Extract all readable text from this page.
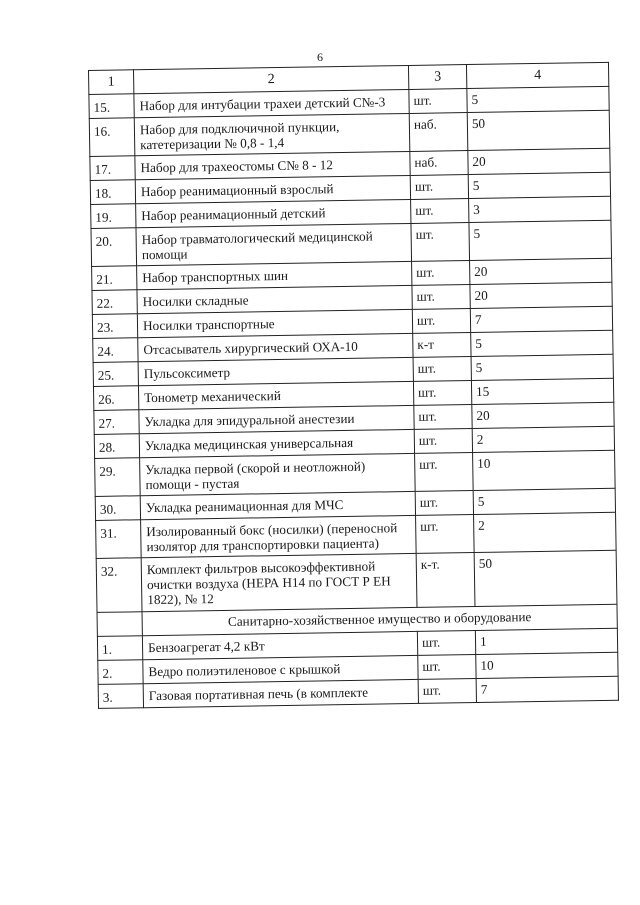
6
1	2	3	4
15.	Набор для интубации трахеи детский С№-3	шт.	5
16.	Набор для подключичной пункции, катетеризации № 0,8 - 1,4	наб.	50
17.	Набор для трахеостомы С№ 8 - 12	наб.	20
18.	Набор реанимационный взрослый	шт.	5
19.	Набор реанимационный детский	шт.	3
20.	Набор травматологический медицинской помощи	шт.	5
21.	Набор транспортных шин	шт.	20
22.	Носилки складные	шт.	20
23.	Носилки транспортные	шт.	7
24.	Отсасыватель хирургический ОХА-10	к-т	5
25.	Пульсоксиметр	шт.	5
26.	Тонометр механический	шт.	15
27.	Укладка для эпидуральной анестезии	шт.	20
28.	Укладка медицинская универсальная	шт.	2
29.	Укладка первой (скорой и неотложной) помощи - пустая	шт.	10
30.	Укладка реанимационная для МЧС	шт.	5
31.	Изолированный бокс (носилки) (переносной изолятор для транспортировки пациента)	шт.	2
32.	Комплект фильтров высокоэффективной очистки воздуха (НЕРА Н14 по ГОСТ Р ЕН 1822), № 12	к-т.	50
	Санитарно-хозяйственное имущество и оборудование		
1.	Бензоагрегат 4,2 кВт	шт.	1
2.	Ведро полиэтиленовое с крышкой	шт.	10
3.	Газовая портативная печь (в комплекте	шт.	7
